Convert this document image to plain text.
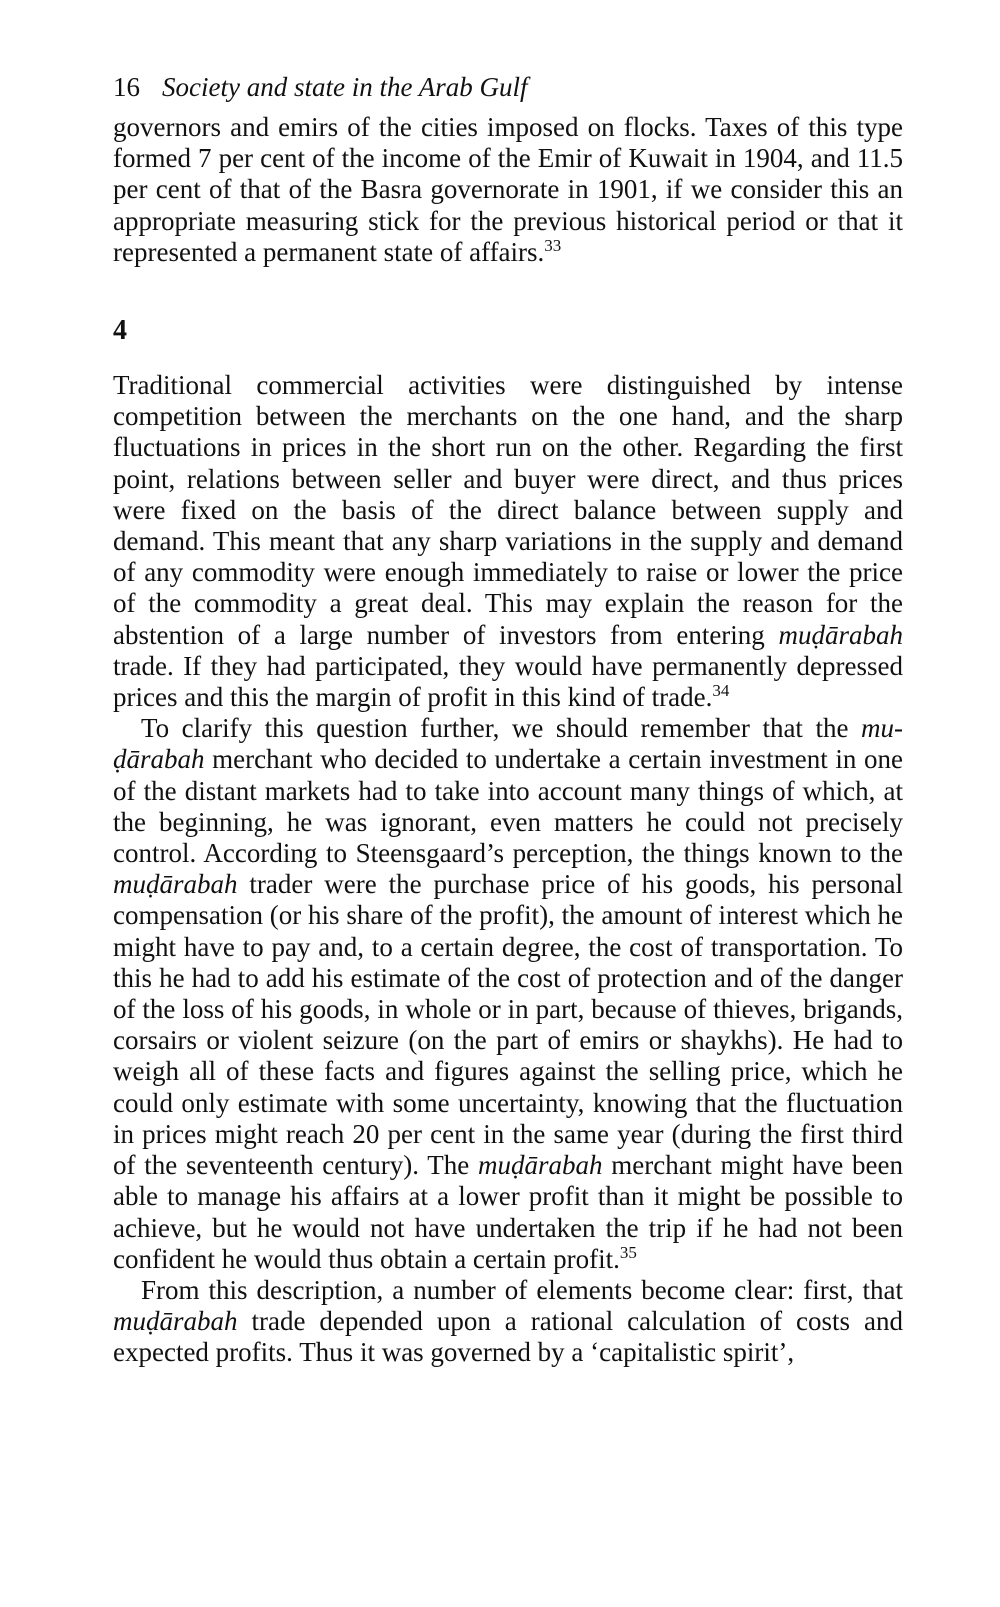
16 Society and state in the Arab Gulf

governors and emirs of the cities imposed on flocks. Taxes of this type formed 7 per cent of the income of the Emir of Kuwait in 1904, and 11.5 per cent of that of the Basra governorate in 1901, if we consider this an appropriate measuring stick for the previous historical period or that it represented a permanent state of affairs.$^{33}$

4

Traditional commercial activities were distinguished by intense competition between the merchants on the one hand, and the sharp fluctuations in prices in the short run on the other. Regarding the first point, relations between seller and buyer were direct, and thus prices were fixed on the basis of the direct balance between supply and demand. This meant that any sharp variations in the supply and demand of any commodity were enough immediately to raise or lower the price of the commodity a great deal. This may explain the reason for the abstention of a large number of investors from entering muḍārabah trade. If they had participated, they would have permanently depressed prices and this the margin of profit in this kind of trade.$^{34}$

To clarify this question further, we should remember that the muḍārabah merchant who decided to undertake a certain investment in one of the distant markets had to take into account many things of which, at the beginning, he was ignorant, even matters he could not precisely control. According to Steensgaard’s perception, the things known to the muḍārabah trader were the purchase price of his goods, his personal compensation (or his share of the profit), the amount of interest which he might have to pay and, to a certain degree, the cost of transportation. To this he had to add his estimate of the cost of protection and of the danger of the loss of his goods, in whole or in part, because of thieves, brigands, corsairs or violent seizure (on the part of emirs or shaykhs). He had to weigh all of these facts and figures against the selling price, which he could only estimate with some uncertainty, knowing that the fluctuation in prices might reach 20 per cent in the same year (during the first third of the seventeenth century). The muḍārabah merchant might have been able to manage his affairs at a lower profit than it might be possible to achieve, but he would not have undertaken the trip if he had not been confident he would thus obtain a certain profit.$^{35}$

From this description, a number of elements become clear: first, that muḍārabah trade depended upon a rational calculation of costs and expected profits. Thus it was governed by a ‘capitalistic spirit’,
